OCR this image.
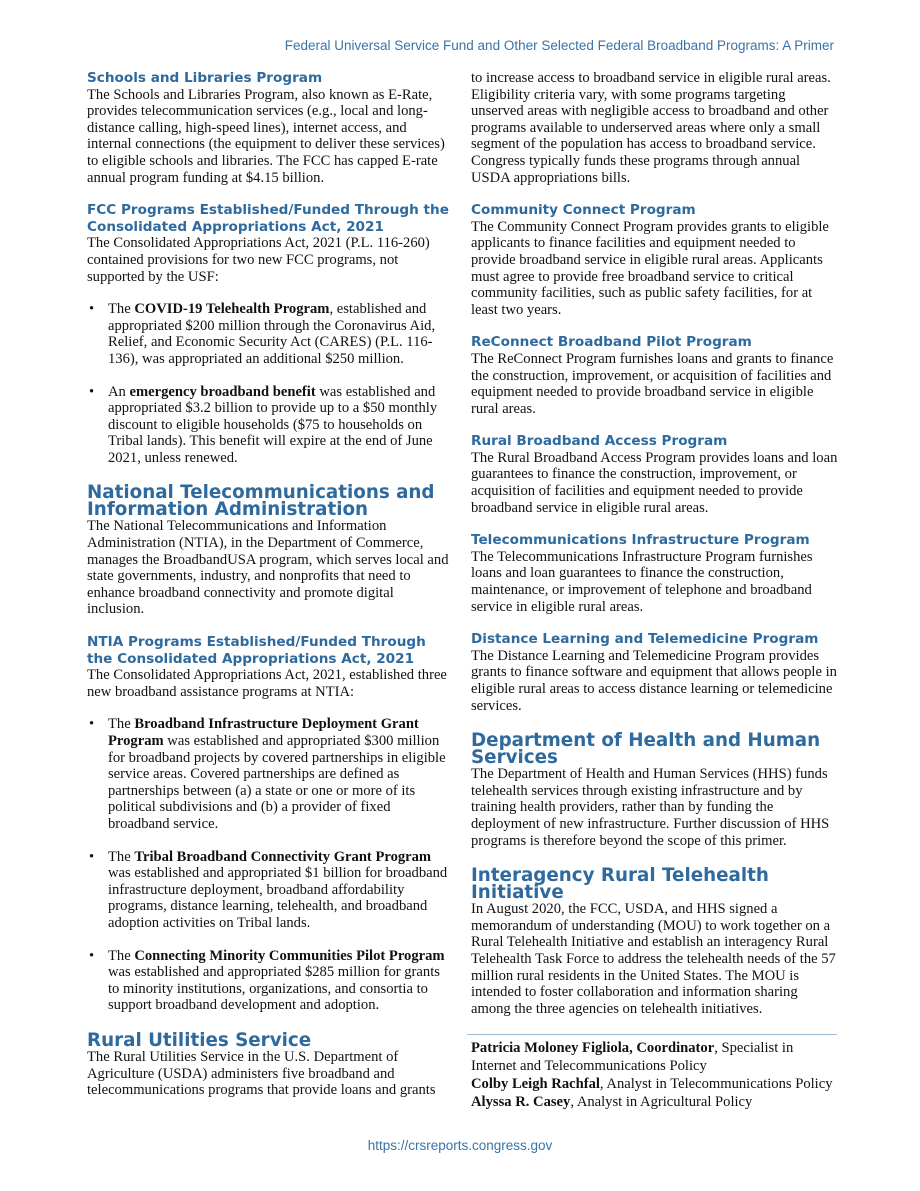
Federal Universal Service Fund and Other Selected Federal Broadband Programs: A Primer
Schools and Libraries Program

The Schools and Libraries Program, also known as E-Rate, provides telecommunication services (e.g., local and long-distance calling, high-speed lines), internet access, and internal connections (the equipment to deliver these services) to eligible schools and libraries. The FCC has capped E-rate annual program funding at $4.15 billion.

FCC Programs Established/Funded Through the Consolidated Appropriations Act, 2021

The Consolidated Appropriations Act, 2021 (P.L. 116-260) contained provisions for two new FCC programs, not supported by the USF:

• The COVID-19 Telehealth Program, established and appropriated $200 million through the Coronavirus Aid, Relief, and Economic Security Act (CARES) (P.L. 116-136), was appropriated an additional $250 million.
• An emergency broadband benefit was established and appropriated $3.2 billion to provide up to a $50 monthly discount to eligible households ($75 to households on Tribal lands). This benefit will expire at the end of June 2021, unless renewed.
National Telecommunications and Information Administration

The National Telecommunications and Information Administration (NTIA), in the Department of Commerce, manages the BroadbandUSA program, which serves local and state governments, industry, and nonprofits that need to enhance broadband connectivity and promote digital inclusion.

NTIA Programs Established/Funded Through the Consolidated Appropriations Act, 2021

The Consolidated Appropriations Act, 2021, established three new broadband assistance programs at NTIA:

• The Broadband Infrastructure Deployment Grant Program was established and appropriated $300 million for broadband projects by covered partnerships in eligible service areas. Covered partnerships are defined as partnerships between (a) a state or one or more of its political subdivisions and (b) a provider of fixed broadband service.
• The Tribal Broadband Connectivity Grant Program was established and appropriated $1 billion for broadband infrastructure deployment, broadband affordability programs, distance learning, telehealth, and broadband adoption activities on Tribal lands.
• The Connecting Minority Communities Pilot Program was established and appropriated $285 million for grants to minority institutions, organizations, and consortia to support broadband development and adoption.
Rural Utilities Service

The Rural Utilities Service in the U.S. Department of Agriculture (USDA) administers five broadband and telecommunications programs that provide loans and grants

to increase access to broadband service in eligible rural areas. Eligibility criteria vary, with some programs targeting unserved areas with negligible access to broadband and other programs available to underserved areas where only a small segment of the population has access to broadband service. Congress typically funds these programs through annual USDA appropriations bills.

Community Connect Program

The Community Connect Program provides grants to eligible applicants to finance facilities and equipment needed to provide broadband service in eligible rural areas. Applicants must agree to provide free broadband service to critical community facilities, such as public safety facilities, for at least two years.

ReConnect Broadband Pilot Program

The ReConnect Program furnishes loans and grants to finance the construction, improvement, or acquisition of facilities and equipment needed to provide broadband service in eligible rural areas.

Rural Broadband Access Program

The Rural Broadband Access Program provides loans and loan guarantees to finance the construction, improvement, or acquisition of facilities and equipment needed to provide broadband service in eligible rural areas.

Telecommunications Infrastructure Program

The Telecommunications Infrastructure Program furnishes loans and loan guarantees to finance the construction, maintenance, or improvement of telephone and broadband service in eligible rural areas.

Distance Learning and Telemedicine Program

The Distance Learning and Telemedicine Program provides grants to finance software and equipment that allows people in eligible rural areas to access distance learning or telemedicine services.

Department of Health and Human Services

The Department of Health and Human Services (HHS) funds telehealth services through existing infrastructure and by training health providers, rather than by funding the deployment of new infrastructure. Further discussion of HHS programs is therefore beyond the scope of this primer.

Interagency Rural Telehealth Initiative

In August 2020, the FCC, USDA, and HHS signed a memorandum of understanding (MOU) to work together on a Rural Telehealth Initiative and establish an interagency Rural Telehealth Task Force to address the telehealth needs of the 57 million rural residents in the United States. The MOU is intended to foster collaboration and information sharing among the three agencies on telehealth initiatives.

Patricia Moloney Figliola, Coordinator, Specialist in Internet and Telecommunications Policy
Colby Leigh Rachfal, Analyst in Telecommunications Policy
Alyssa R. Casey, Analyst in Agricultural Policy
https://crsreports.congress.gov
